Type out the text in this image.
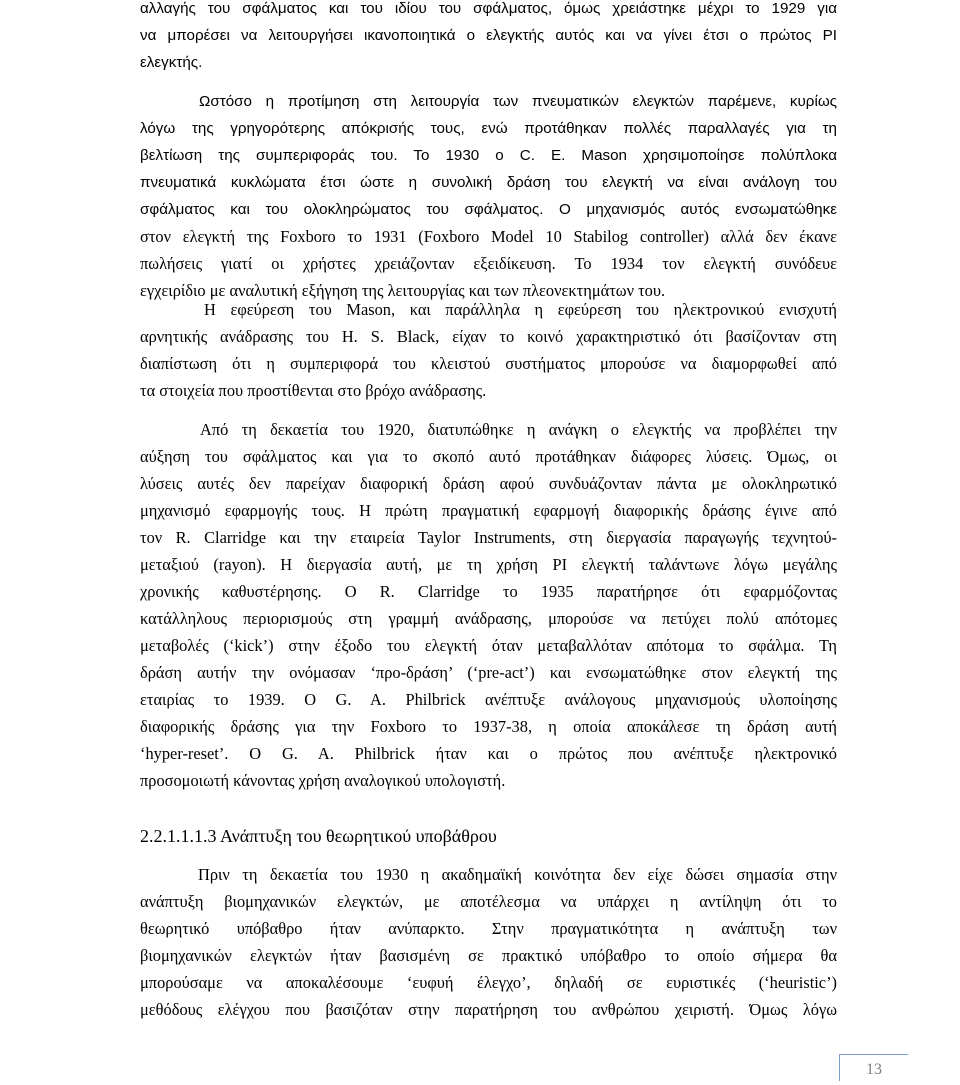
αλλαγής του σφάλματος και του ιδίου του σφάλματος, όμως χρειάστηκε μέχρι το 1929 για
να μπορέσει να λειτουργήσει ικανοποιητικά ο ελεγκτής αυτός και να γίνει έτσι ο πρώτος PI
ελεγκτής.
Ωστόσο η προτίμηση στη λειτουργία των πνευματικών ελεγκτών παρέμενε, κυρίως
λόγω της γρηγορότερης απόκρισής τους, ενώ προτάθηκαν πολλές παραλλαγές για τη
βελτίωση της συμπεριφοράς του. Το 1930 ο C. E. Mason χρησιμοποίησε πολύπλοκα
πνευματικά κυκλώματα έτσι ώστε η συνολική δράση του ελεγκτή να είναι ανάλογη του
σφάλματος και του ολοκληρώματος του σφάλματος. Ο μηχανισμός αυτός ενσωματώθηκε
στον ελεγκτή της Foxboro το 1931 (Foxboro Model 10 Stabilog controller) αλλά δεν έκανε
πωλήσεις γιατί οι χρήστες χρειάζονταν εξειδίκευση. Το 1934 τον ελεγκτή συνόδευε
εγχειρίδιο με αναλυτική εξήγηση της λειτουργίας και των πλεονεκτημάτων του.
Η εφεύρεση του Mason, και παράλληλα η εφεύρεση του ηλεκτρονικού ενισχυτή
αρνητικής ανάδρασης του H. S. Black, είχαν το κοινό χαρακτηριστικό ότι βασίζονταν στη
διαπίστωση ότι η συμπεριφορά του κλειστού συστήματος μπορούσε να διαμορφωθεί από
τα στοιχεία που προστίθενται στο βρόχο ανάδρασης.
Από τη δεκαετία του 1920, διατυπώθηκε η ανάγκη ο ελεγκτής να προβλέπει την
αύξηση του σφάλματος και για το σκοπό αυτό προτάθηκαν διάφορες λύσεις. Όμως, οι
λύσεις αυτές δεν παρείχαν διαφορική δράση αφού συνδυάζονταν πάντα με ολοκληρωτικό
μηχανισμό εφαρμογής τους. Η πρώτη πραγματική εφαρμογή διαφορικής δράσης έγινε από
τον R. Clarridge και την εταιρεία Taylor Instruments, στη διεργασία παραγωγής τεχνητού-
μεταξιού (rayon). Η διεργασία αυτή, με τη χρήση PI ελεγκτή ταλάντωνε λόγω μεγάλης
χρονικής καθυστέρησης. Ο R. Clarridge το 1935 παρατήρησε ότι εφαρμόζοντας
κατάλληλους περιορισμούς στη γραμμή ανάδρασης, μπορούσε να πετύχει πολύ απότομες
μεταβολές (‘kick’) στην έξοδο του ελεγκτή όταν μεταβαλλόταν απότομα το σφάλμα. Τη
δράση αυτήν την ονόμασαν ‘προ-δράση’ (‘pre-act’) και ενσωματώθηκε στον ελεγκτή της
εταιρίας το 1939. Ο G. A. Philbrick ανέπτυξε ανάλογους μηχανισμούς υλοποίησης
διαφορικής δράσης για την Foxboro το 1937-38, η οποία αποκάλεσε τη δράση αυτή
‘hyper-reset’. O G. A. Philbrick ήταν και ο πρώτος που ανέπτυξε ηλεκτρονικό
προσομοιωτή κάνοντας χρήση αναλογικού υπολογιστή.
2.2.1.1.1.3 Ανάπτυξη του θεωρητικού υποβάθρου
Πριν τη δεκαετία του 1930 η ακαδημαϊκή κοινότητα δεν είχε δώσει σημασία στην
ανάπτυξη βιομηχανικών ελεγκτών, με αποτέλεσμα να υπάρχει η αντίληψη ότι το
θεωρητικό υπόβαθρο ήταν ανύπαρκτο. Στην πραγματικότητα η ανάπτυξη των
βιομηχανικών ελεγκτών ήταν βασισμένη σε πρακτικό υπόβαθρο το οποίο σήμερα θα
μπορούσαμε να αποκαλέσουμε ‘ευφυή έλεγχο’, δηλαδή σε ευριστικές (‘heuristic’)
μεθόδους ελέγχου που βασιζόταν στην παρατήρηση του ανθρώπου χειριστή. Όμως λόγω
13
